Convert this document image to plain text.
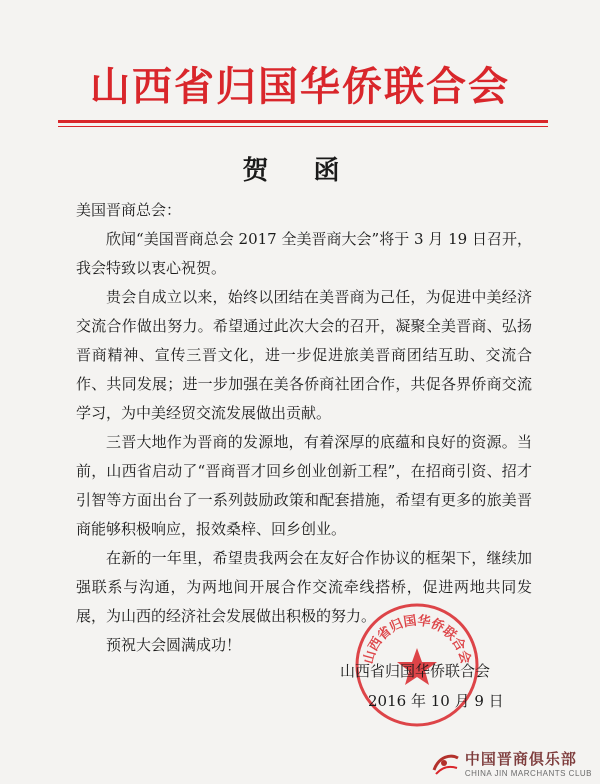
山西省归国华侨联合会
贺 函

美国晋商总会：

欣闻“美国晋商总会 2017 全美晋商大会”将于 3 月 19 日召开，我会特致以衷心祝贺。

贵会自成立以来，始终以团结在美晋商为己任，为促进中美经济交流合作做出努力。希望通过此次大会的召开，凝聚全美晋商、弘扬晋商精神、宣传三晋文化，进一步促进旅美晋商团结互助、交流合作、共同发展；进一步加强在美各侨商社团合作，共促各界侨商交流学习，为中美经贸交流发展做出贡献。

三晋大地作为晋商的发源地，有着深厚的底蕴和良好的资源。当前，山西省启动了“晋商晋才回乡创业创新工程”，在招商引资、招才引智等方面出台了一系列鼓励政策和配套措施，希望有更多的旅美晋商能够积极响应，报效桑梓、回乡创业。

在新的一年里，希望贵我两会在友好合作协议的框架下，继续加强联系与沟通，为两地间开展合作交流牵线搭桥，促进两地共同发展，为山西的经济社会发展做出积极的努力。

预祝大会圆满成功！

山西省归国华侨联合会
山西省归国华侨联合会
2016 年 10 月 9 日
中国晋商俱乐部
CHINA JIN MARCHANTS CLUB
